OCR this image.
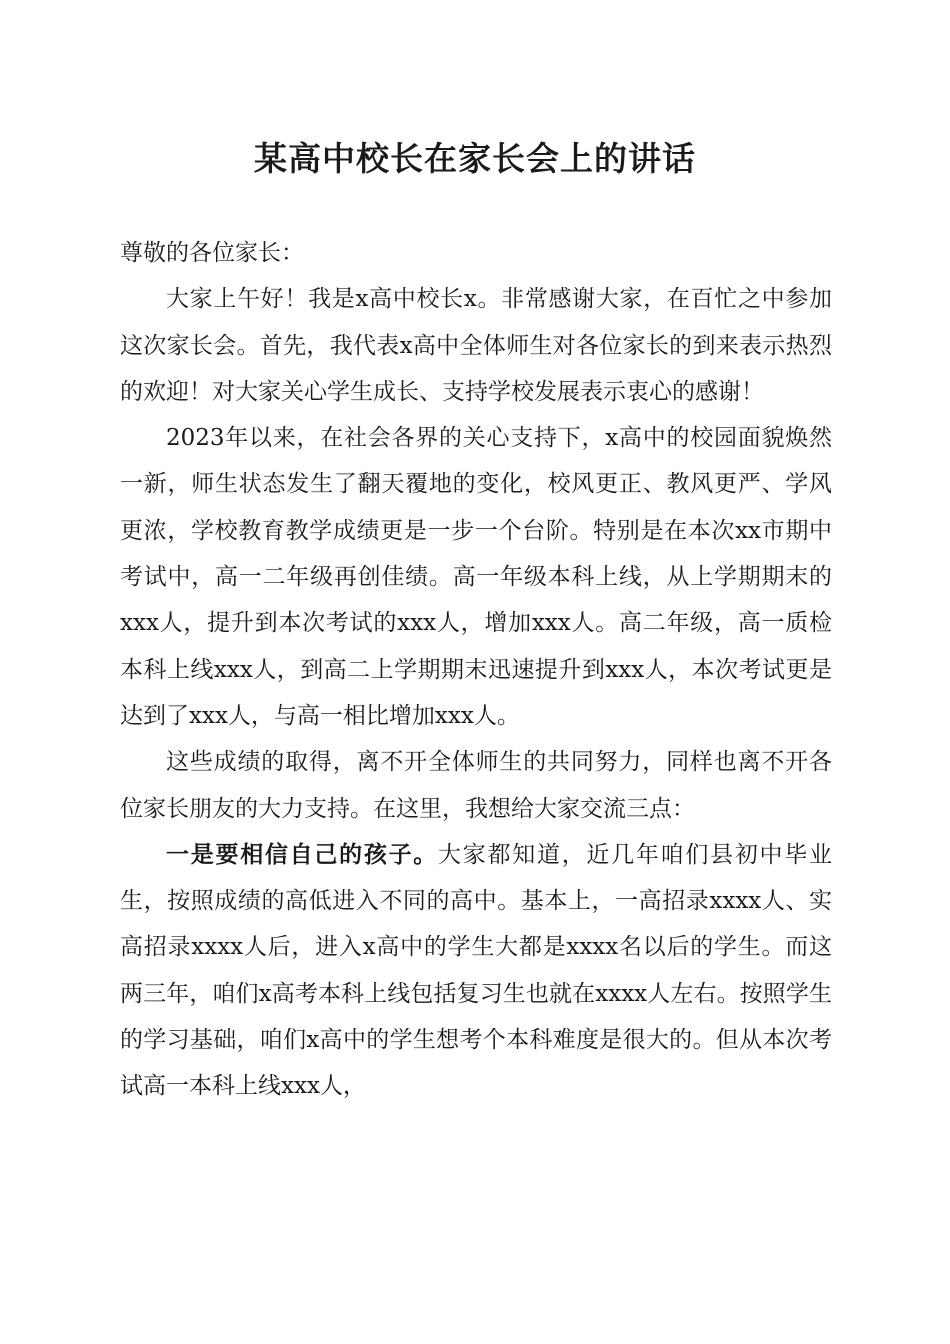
某高中校长在家长会上的讲话

尊敬的各位家长：

大家上午好！我是x高中校长x。非常感谢大家，在百忙之中参加这次家长会。首先，我代表x高中全体师生对各位家长的到来表示热烈的欢迎！对大家关心学生成长、支持学校发展表示衷心的感谢！

2023年以来，在社会各界的关心支持下，x高中的校园面貌焕然一新，师生状态发生了翻天覆地的变化，校风更正、教风更严、学风更浓，学校教育教学成绩更是一步一个台阶。特别是在本次xx市期中考试中，高一二年级再创佳绩。高一年级本科上线，从上学期期末的xxx人，提升到本次考试的xxx人，增加xxx人。高二年级，高一质检本科上线xxx人，到高二上学期期末迅速提升到xxx人，本次考试更是达到了xxx人，与高一相比增加xxx人。

这些成绩的取得，离不开全体师生的共同努力，同样也离不开各位家长朋友的大力支持。在这里，我想给大家交流三点：

一是要相信自己的孩子。大家都知道，近几年咱们县初中毕业生，按照成绩的高低进入不同的高中。基本上，一高招录xxxx人、实高招录xxxx人后，进入x高中的学生大都是xxxx名以后的学生。而这两三年，咱们x高考本科上线包括复习生也就在xxxx人左右。按照学生的学习基础，咱们x高中的学生想考个本科难度是很大的。但从本次考试高一本科上线xxx人，
